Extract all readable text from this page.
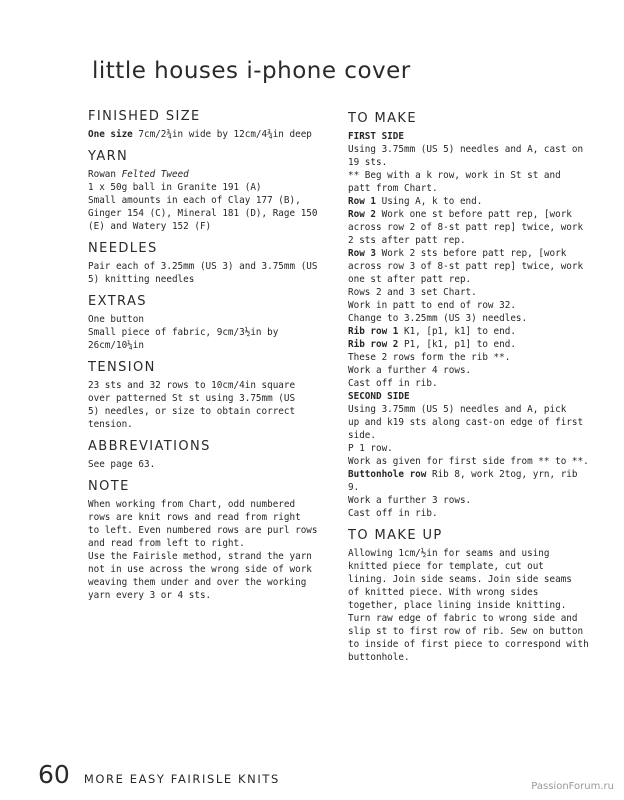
little houses i-phone cover
FINISHED SIZE
One size 7cm/2¾in wide by 12cm/4¾in deep
YARN
Rowan Felted Tweed
1 x 50g ball in Granite 191 (A)
Small amounts in each of Clay 177 (B),
Ginger 154 (C), Mineral 181 (D), Rage 150
(E) and Watery 152 (F)
NEEDLES
Pair each of 3.25mm (US 3) and 3.75mm (US
5) knitting needles
EXTRAS
One button
Small piece of fabric, 9cm/3½in by
26cm/10¼in
TENSION
23 sts and 32 rows to 10cm/4in square
over patterned St st using 3.75mm (US
5) needles, or size to obtain correct
tension.
ABBREVIATIONS
See page 63.
NOTE
When working from Chart, odd numbered
rows are knit rows and read from right
to left. Even numbered rows are purl rows
and read from left to right.
Use the Fairisle method, strand the yarn
not in use across the wrong side of work
weaving them under and over the working
yarn every 3 or 4 sts.
TO MAKE
FIRST SIDE
Using 3.75mm (US 5) needles and A, cast on
19 sts.
** Beg with a k row, work in St st and
patt from Chart.
Row 1 Using A, k to end.
Row 2 Work one st before patt rep, [work
across row 2 of 8-st patt rep] twice, work
2 sts after patt rep.
Row 3 Work 2 sts before patt rep, [work
across row 3 of 8-st patt rep] twice, work
one st after patt rep.
Rows 2 and 3 set Chart.
Work in patt to end of row 32.
Change to 3.25mm (US 3) needles.
Rib row 1 K1, [p1, k1] to end.
Rib row 2 P1, [k1, p1] to end.
These 2 rows form the rib **.
Work a further 4 rows.
Cast off in rib.
SECOND SIDE
Using 3.75mm (US 5) needles and A, pick
up and k19 sts along cast-on edge of first
side.
P 1 row.
Work as given for first side from ** to **.
Buttonhole row Rib 8, work 2tog, yrn, rib
9.
Work a further 3 rows.
Cast off in rib.
TO MAKE UP
Allowing 1cm/½in for seams and using
knitted piece for template, cut out
lining. Join side seams. Join side seams
of knitted piece. With wrong sides
together, place lining inside knitting.
Turn raw edge of fabric to wrong side and
slip st to first row of rib. Sew on button
to inside of first piece to correspond with
buttonhole.
60 MORE EASY FAIRISLE KNITS
PassionForum.ru
